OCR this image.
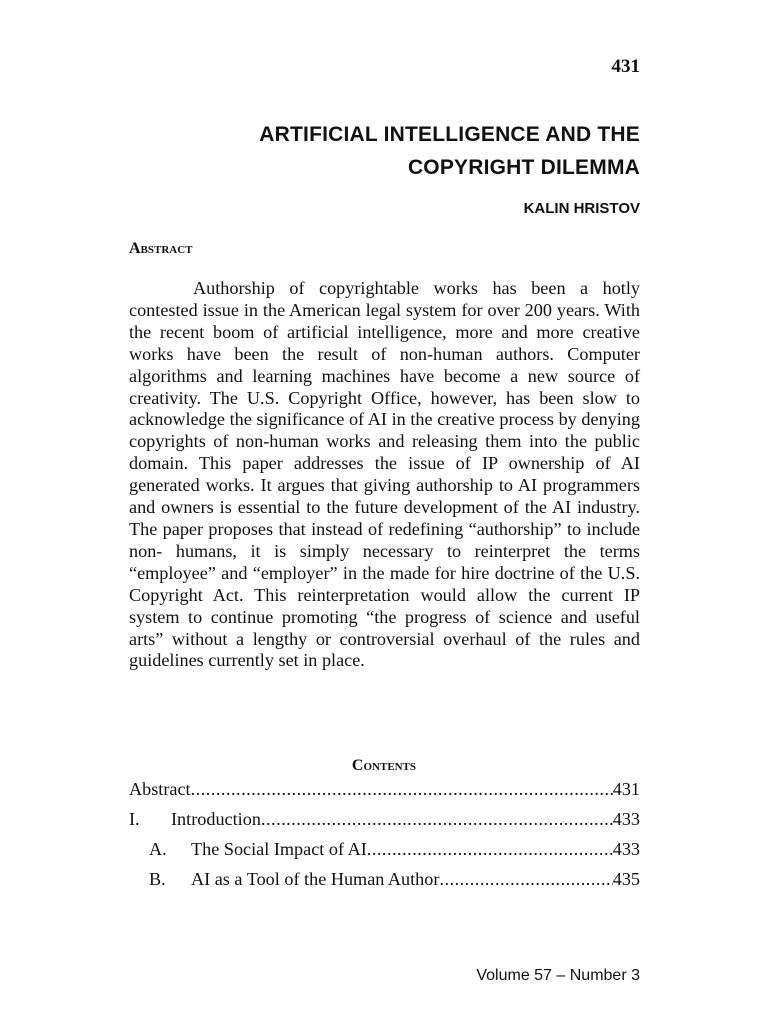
431
ARTIFICIAL INTELLIGENCE AND THE
COPYRIGHT DILEMMA
KALIN HRISTOV
Abstract

Authorship of copyrightable works has been a hotly contested issue in the American legal system for over 200 years. With the recent boom of artificial intelligence, more and more creative works have been the result of non-human authors. Computer algorithms and learning machines have become a new source of creativity. The U.S. Copyright Office, however, has been slow to acknowledge the significance of AI in the creative process by denying copyrights of non-human works and releasing them into the public domain. This paper addresses the issue of IP ownership of AI generated works. It argues that giving authorship to AI programmers and owners is essential to the future development of the AI industry. The paper proposes that instead of redefining “authorship” to include non- humans, it is simply necessary to reinterpret the terms “employee” and “employer” in the made for hire doctrine of the U.S. Copyright Act. This reinterpretation would allow the current IP system to continue promoting “the progress of science and useful arts” without a lengthy or controversial overhaul of the rules and guidelines currently set in place.

Contents
Abstract .....	431
I.	Introduction .....	433
A.	The Social Impact of AI .....	433
B.	AI as a Tool of the Human Author .....	435
Volume 57 – Number 3
